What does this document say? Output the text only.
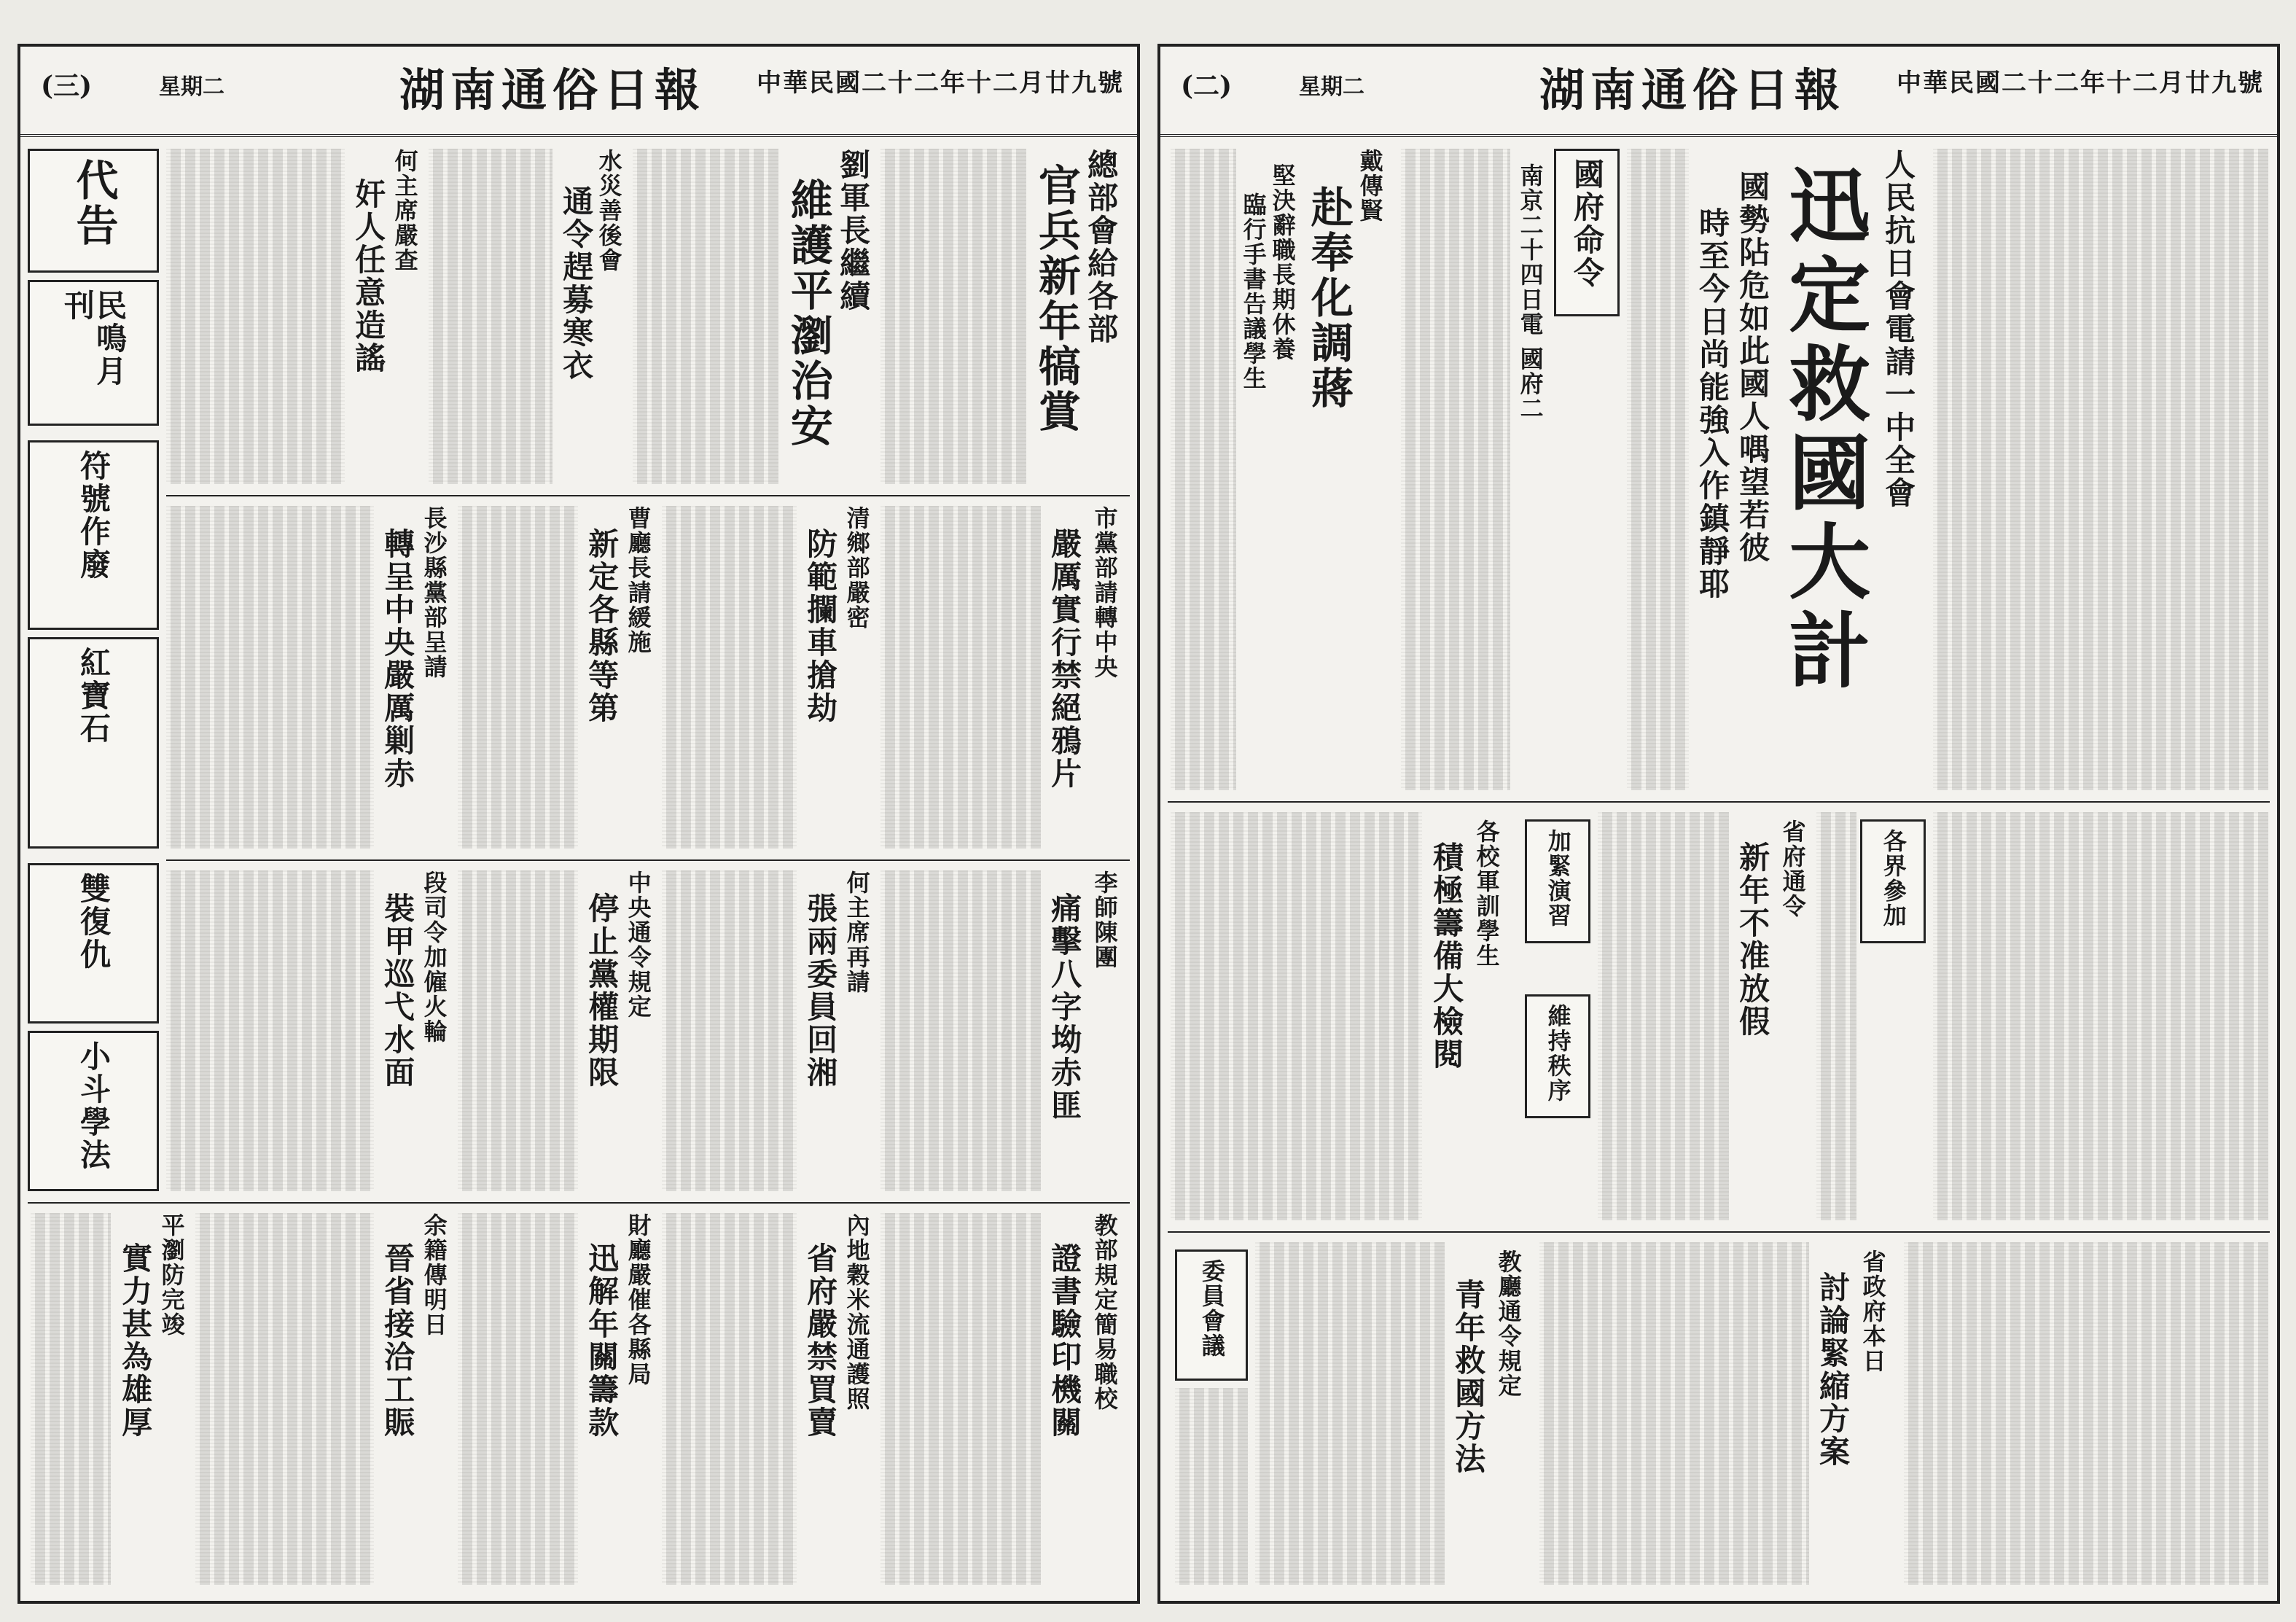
中華民國二十二年十二月廿九號
湖南通俗日報
星期二
(三)
總部會給各部
官兵新年犒賞
劉軍長繼續
維護平瀏治安
水災善後會
通令趕募寒衣
何主席嚴查
奸人任意造謠
代告
民鳴月刊
市黨部請轉中央
嚴厲實行禁絕鴉片
清鄉部嚴密
防範攔車搶劫
曹廳長請緩施
新定各縣等第
長沙縣黨部呈請
轉呈中央嚴厲剿赤
符號作廢
紅寶石
李師陳團
痛擊八字坳赤匪
何主席再請
張兩委員回湘
中央通令規定
停止黨權期限
段司令加僱火輪
裝甲巡弋水面
雙復仇
小斗學法
教部規定簡易職校
證書驗印機關
內地穀米流通護照
省府嚴禁買賣
財廳嚴催各縣局
迅解年關籌款
余籍傳明日
晉省接洽工賑
平瀏防完竣
實力甚為雄厚
中華民國二十二年十二月廿九號
湖南通俗日報
星期二
(二)
人民抗日會電請一中全會
迅定救國大計
國勢阽危如此國人喁望若彼
時至今日尚能強入作鎮靜耶
國府命令
南京二十四日電 國府二
戴傳賢
赴奉化調蔣
堅決辭職長期休養
臨行手書告議學生
各界參加
省府通令
新年不准放假
加緊演習
維持秩序
各校軍訓學生
積極籌備大檢閱
省政府本日
討論緊縮方案
教廳通令規定
青年救國方法
委員會議
